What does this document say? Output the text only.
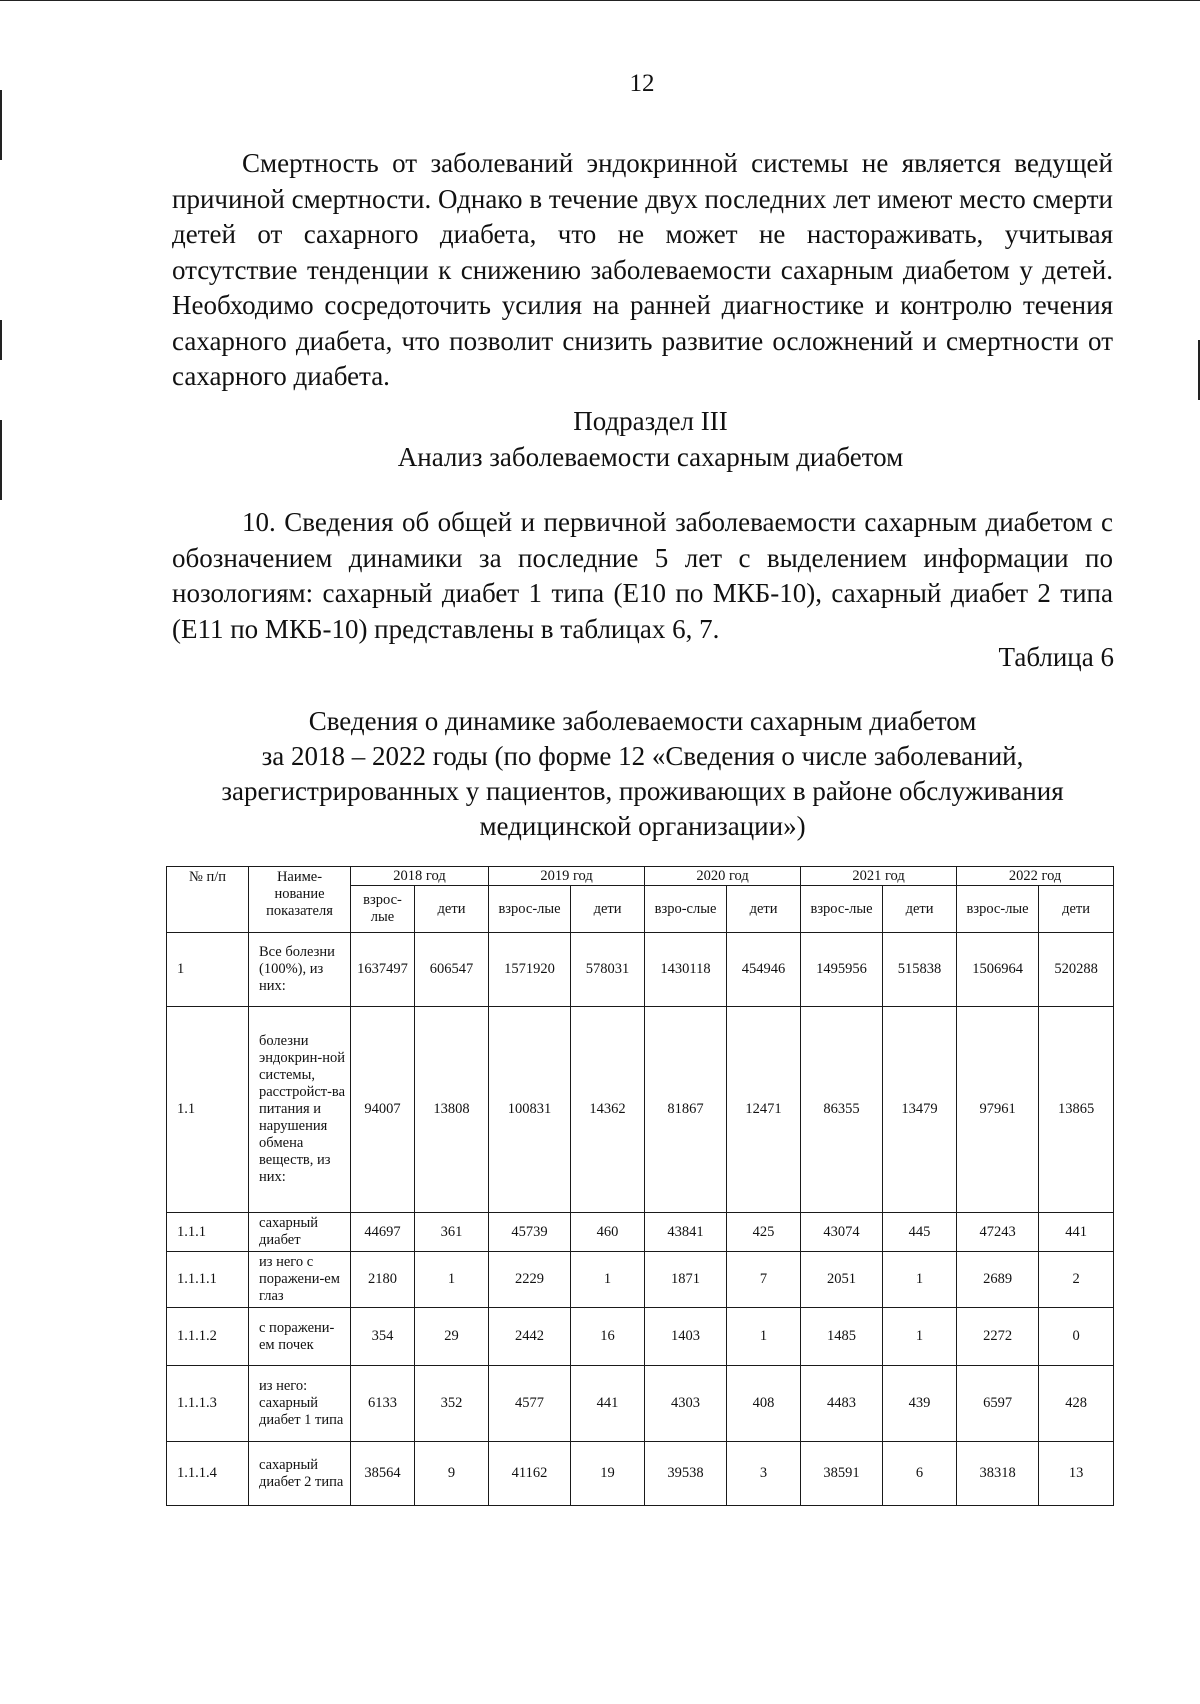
12
Смертность от заболеваний эндокринной системы не является ведущей причиной смертности. Однако в течение двух последних лет имеют место смерти детей от сахарного диабета, что не может не настораживать, учитывая отсутствие тенденции к снижению заболеваемости сахарным диабетом у детей. Необходимо сосредоточить усилия на ранней диагностике и контролю течения сахарного диабета, что позволит снизить развитие осложнений и смертности от сахарного диабета.
Подраздел III
Анализ заболеваемости сахарным диабетом
10. Сведения об общей и первичной заболеваемости сахарным диабетом с обозначением динамики за последние 5 лет с выделением информации по нозологиям: сахарный диабет 1 типа (Е10 по МКБ-10), сахарный диабет 2 типа (Е11 по МКБ-10) представлены в таблицах 6, 7.
Таблица 6
Сведения о динамике заболеваемости сахарным диабетом
за 2018 – 2022 годы (по форме 12 «Сведения о числе заболеваний,
зарегистрированных у пациентов, проживающих в районе обслуживания
медицинской организации»)
№ п/п	Наиме-нование показателя	2018 год		2019 год		2020 год		2021 год		2022 год	
		взрос-лые	дети	взрос-лые	дети	взро-слые	дети	взрос-лые	дети	взрос-лые	дети
1	Все болезни (100%), из них:	1637497	606547	1571920	578031	1430118	454946	1495956	515838	1506964	520288
1.1	болезни эндокрин-ной системы, расстройст-ва питания и нарушения обмена веществ, из них:	94007	13808	100831	14362	81867	12471	86355	13479	97961	13865
1.1.1	сахарный диабет	44697	361	45739	460	43841	425	43074	445	47243	441
1.1.1.1	из него с поражени-ем глаз	2180	1	2229	1	1871	7	2051	1	2689	2
1.1.1.2	с поражени-ем почек	354	29	2442	16	1403	1	1485	1	2272	0
1.1.1.3	из него: сахарный диабет 1 типа	6133	352	4577	441	4303	408	4483	439	6597	428
1.1.1.4	сахарный диабет 2 типа	38564	9	41162	19	39538	3	38591	6	38318	13
